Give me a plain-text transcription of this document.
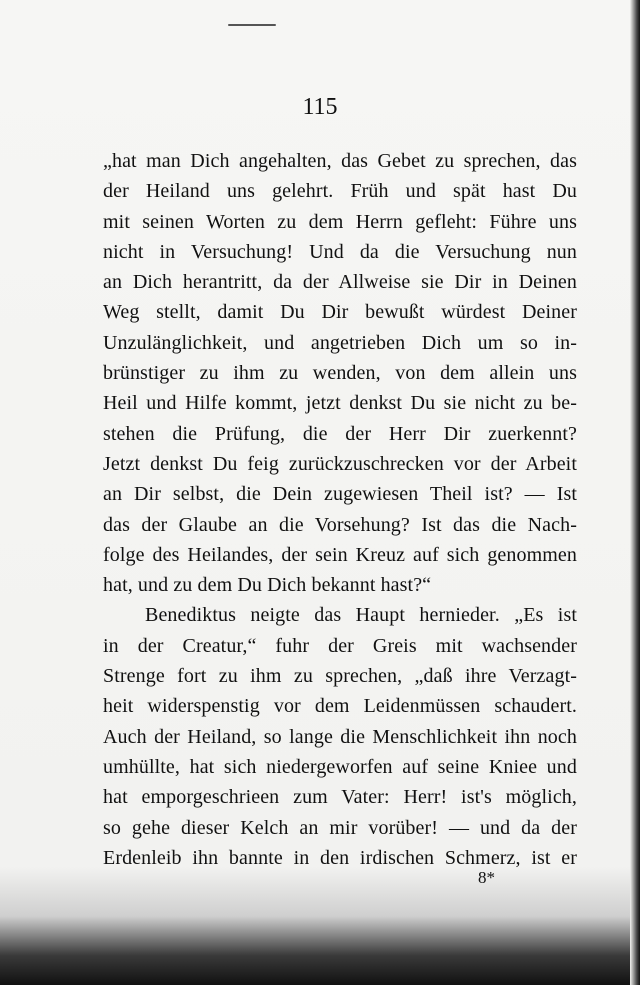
115
„hat man Dich angehalten, das Gebet zu sprechen, das
der Heiland uns gelehrt. Früh und spät hast Du
mit seinen Worten zu dem Herrn gefleht: Führe uns
nicht in Versuchung! Und da die Versuchung nun
an Dich herantritt, da der Allweise sie Dir in Deinen
Weg stellt, damit Du Dir bewußt würdest Deiner
Unzulänglichkeit, und angetrieben Dich um so in-
brünstiger zu ihm zu wenden, von dem allein uns
Heil und Hilfe kommt, jetzt denkst Du sie nicht zu be-
stehen die Prüfung, die der Herr Dir zuerkennt?
Jetzt denkst Du feig zurückzuschrecken vor der Arbeit
an Dir selbst, die Dein zugewiesen Theil ist? — Ist
das der Glaube an die Vorsehung? Ist das die Nach-
folge des Heilandes, der sein Kreuz auf sich genommen
hat, und zu dem Du Dich bekannt hast?“
Benediktus neigte das Haupt hernieder. „Es ist
in der Creatur,“ fuhr der Greis mit wachsender
Strenge fort zu ihm zu sprechen, „daß ihre Verzagt-
heit widerspenstig vor dem Leidenmüssen schaudert.
Auch der Heiland, so lange die Menschlichkeit ihn noch
umhüllte, hat sich niedergeworfen auf seine Kniee und
hat emporgeschrieen zum Vater: Herr! ist's möglich,
so gehe dieser Kelch an mir vorüber! — und da der
Erdenleib ihn bannte in den irdischen Schmerz, ist er
8*
